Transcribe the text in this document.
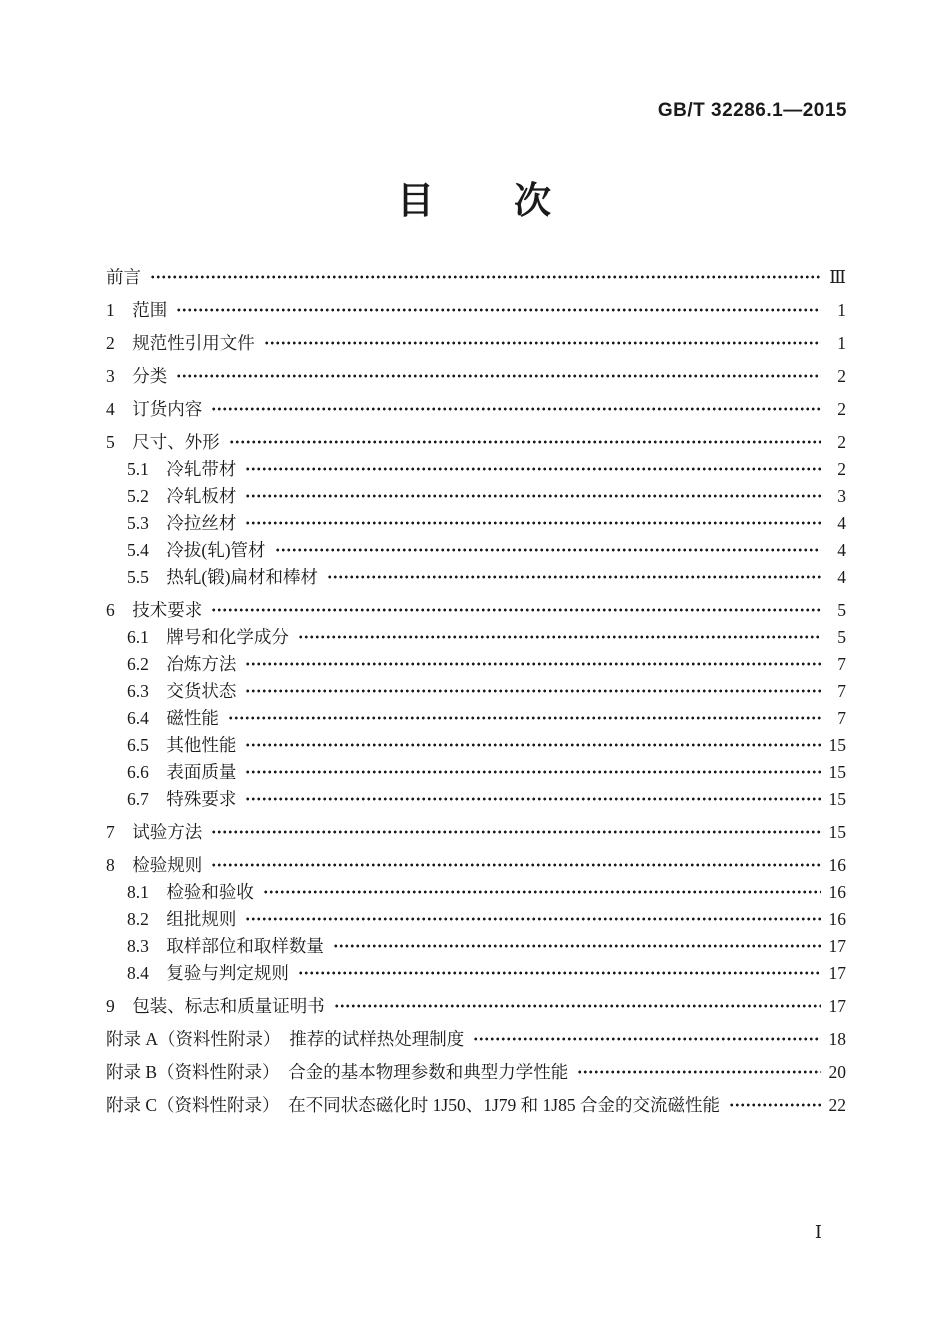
GB/T 32286.1—2015
目　　次
前言	Ⅲ
1　范围	1
2　规范性引用文件	1
3　分类	2
4　订货内容	2
5　尺寸、外形	2
5.1　冷轧带材	2
5.2　冷轧板材	3
5.3　冷拉丝材	4
5.4　冷拔(轧)管材	4
5.5　热轧(锻)扁材和棒材	4
6　技术要求	5
6.1　牌号和化学成分	5
6.2　冶炼方法	7
6.3　交货状态	7
6.4　磁性能	7
6.5　其他性能	15
6.6　表面质量	15
6.7　特殊要求	15
7　试验方法	15
8　检验规则	16
8.1　检验和验收	16
8.2　组批规则	16
8.3　取样部位和取样数量	17
8.4　复验与判定规则	17
9　包装、标志和质量证明书	17
附录 A（资料性附录）　推荐的试样热处理制度	18
附录 B（资料性附录）　合金的基本物理参数和典型力学性能	20
附录 C（资料性附录）　在不同状态磁化时 1J50、1J79 和 1J85 合金的交流磁性能	22
Ⅰ
